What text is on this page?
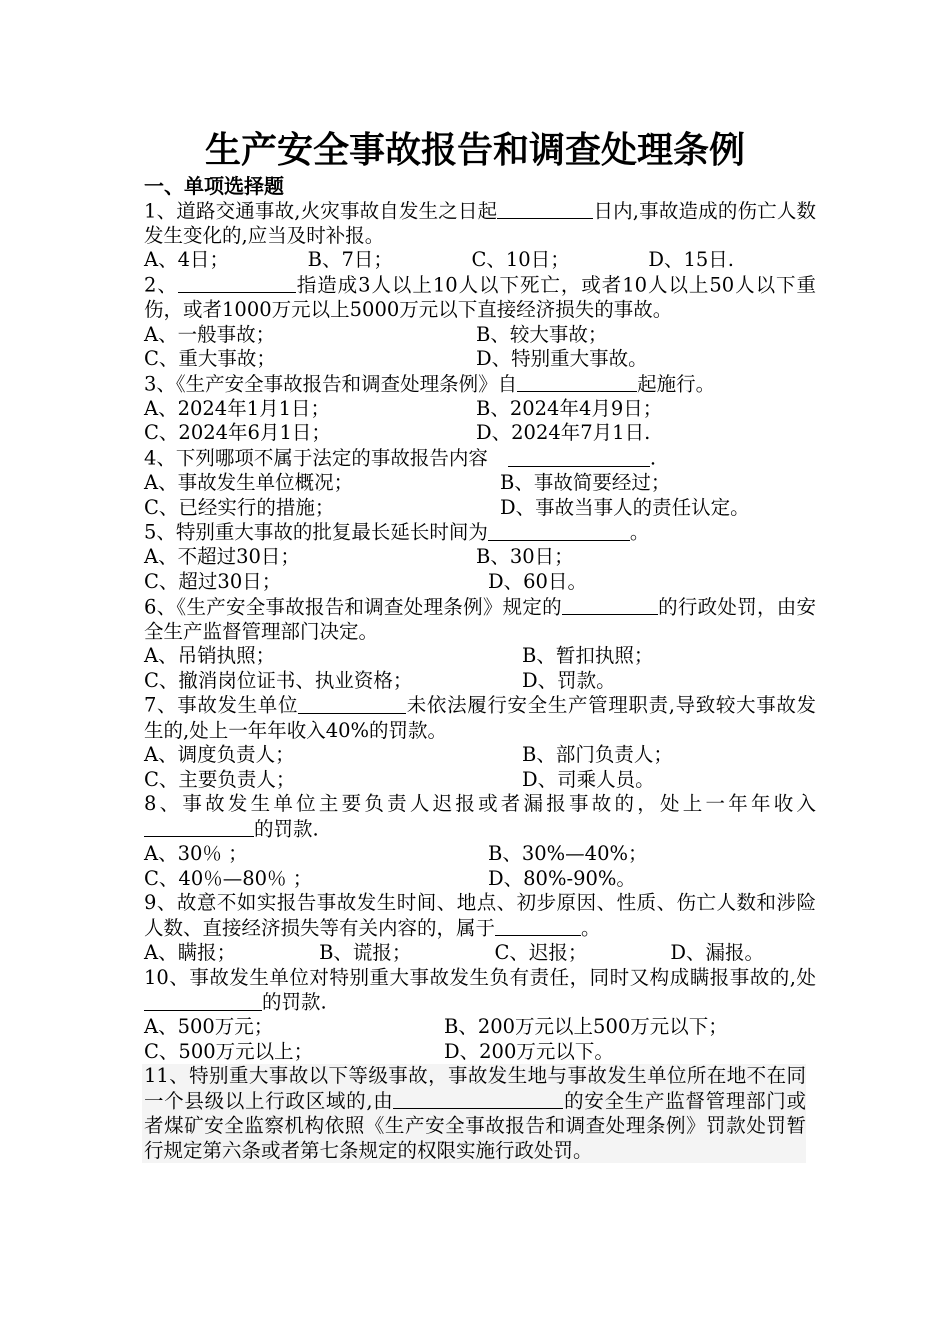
生产安全事故报告和调查处理条例
一、单项选择题
1、道路交通事故,火灾事故自发生之日起	日内,事故造成的伤亡人数发生变化的,应当及时补报。
A、4日；	B、7日；	C、10日；	D、15日.
2、	指造成3人以上10人以下死亡，或者10人以上50人以下重伤，或者1000万元以上5000万元以下直接经济损失的事故。
A、一般事故；	B、较大事故；
C、重大事故；	D、特别重大事故。
3、《生产安全事故报告和调查处理条例》自	起施行。
A、2024年1月1日；	B、2024年4月9日；
C、2024年6月1日；	D、2024年7月1日.
4、下列哪项不属于法定的事故报告内容	.
A、事故发生单位概况；	B、事故简要经过；
C、已经实行的措施；	D、事故当事人的责任认定。
5、特别重大事故的批复最长延长时间为	。
A、不超过30日；	B、30日；
C、超过30日；	D、60日。
6、《生产安全事故报告和调查处理条例》规定的	的行政处罚，由安全生产监督管理部门决定。
A、吊销执照；	B、暂扣执照；
C、撤消岗位证书、执业资格；	D、罚款。
7、事故发生单位	未依法履行安全生产管理职责,导致较大事故发生的,处上一年年收入40%的罚款。
A、调度负责人；	B、部门负责人；
C、主要负责人；	D、司乘人员。
8、事故发生单位主要负责人迟报或者漏报事故的，处上一年年收入的罚款.
A、30％ ；	B、30%—40%；
C、40％—80％ ；	D、80%-90%。
9、故意不如实报告事故发生时间、地点、初步原因、性质、伤亡人数和涉险人数、直接经济损失等有关内容的，属于	。
A、瞒报；	B、谎报；	C、迟报；	D、漏报。
10、事故发生单位对特别重大事故发生负有责任，同时又构成瞒报事故的,处的罚款.
A、500万元；	B、200万元以上500万元以下；
C、500万元以上；	D、200万元以下。
11、特别重大事故以下等级事故，事故发生地与事故发生单位所在地不在同一个县级以上行政区域的,由	的安全生产监督管理部门或者煤矿安全监察机构依照《生产安全事故报告和调查处理条例》罚款处罚暂行规定第六条或者第七条规定的权限实施行政处罚。
